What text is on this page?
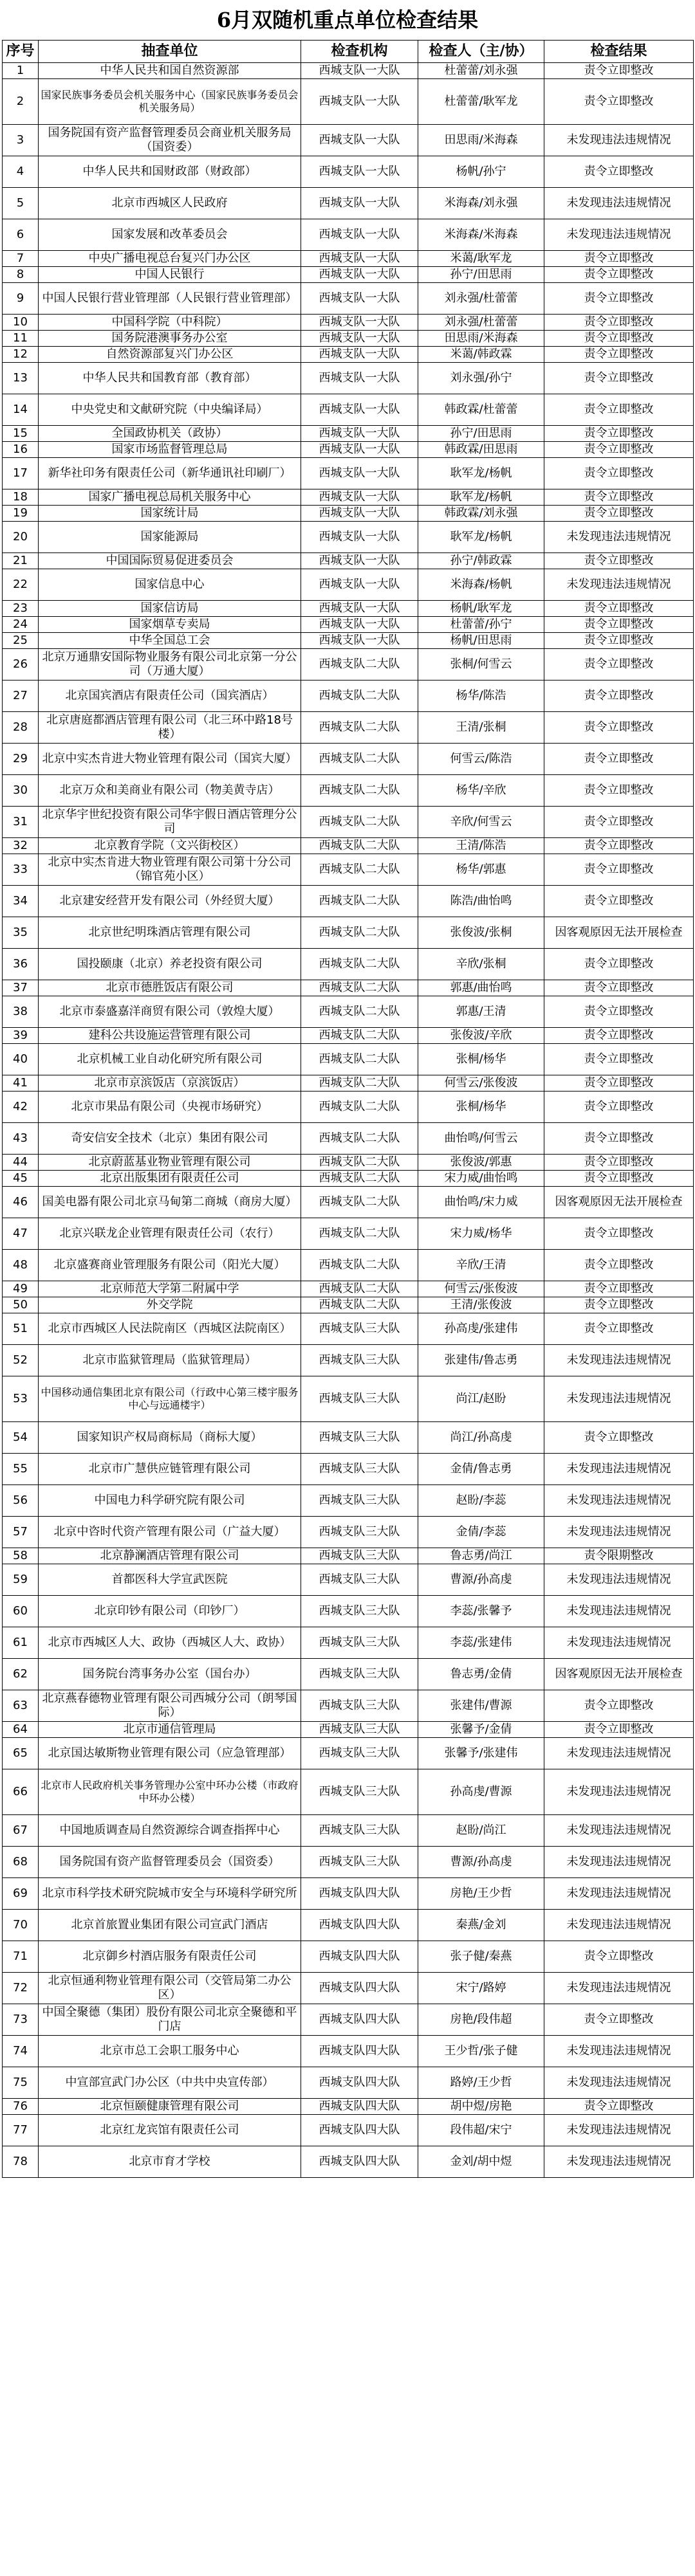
6月双随机重点单位检查结果
序号	抽查单位	检查机构	检查人（主/协）	检查结果
1	中华人民共和国自然资源部	西城支队一大队	杜蕾蕾/刘永强	责令立即整改
2	国家民族事务委员会机关服务中心（国家民族事务委员会机关服务局）	西城支队一大队	杜蕾蕾/耿军龙	责令立即整改
3	国务院国有资产监督管理委员会商业机关服务局（国资委）	西城支队一大队	田思雨/米海森	未发现违法违规情况
4	中华人民共和国财政部（财政部）	西城支队一大队	杨帆/孙宁	责令立即整改
5	北京市西城区人民政府	西城支队一大队	米海森/刘永强	未发现违法违规情况
6	国家发展和改革委员会	西城支队一大队	米海森/米海森	未发现违法违规情况
7	中央广播电视总台复兴门办公区	西城支队一大队	米蔼/耿军龙	责令立即整改
8	中国人民银行	西城支队一大队	孙宁/田思雨	责令立即整改
9	中国人民银行营业管理部（人民银行营业管理部）	西城支队一大队	刘永强/杜蕾蕾	责令立即整改
10	中国科学院（中科院）	西城支队一大队	刘永强/杜蕾蕾	责令立即整改
11	国务院港澳事务办公室	西城支队一大队	田思雨/米海森	责令立即整改
12	自然资源部复兴门办公区	西城支队一大队	米蔼/韩政霖	责令立即整改
13	中华人民共和国教育部（教育部）	西城支队一大队	刘永强/孙宁	责令立即整改
14	中央党史和文献研究院（中央编译局）	西城支队一大队	韩政霖/杜蕾蕾	责令立即整改
15	全国政协机关（政协）	西城支队一大队	孙宁/田思雨	责令立即整改
16	国家市场监督管理总局	西城支队一大队	韩政霖/田思雨	责令立即整改
17	新华社印务有限责任公司（新华通讯社印刷厂）	西城支队一大队	耿军龙/杨帆	责令立即整改
18	国家广播电视总局机关服务中心	西城支队一大队	耿军龙/杨帆	责令立即整改
19	国家统计局	西城支队一大队	韩政霖/刘永强	责令立即整改
20	国家能源局	西城支队一大队	耿军龙/杨帆	未发现违法违规情况
21	中国国际贸易促进委员会	西城支队一大队	孙宁/韩政霖	责令立即整改
22	国家信息中心	西城支队一大队	米海森/杨帆	未发现违法违规情况
23	国家信访局	西城支队一大队	杨帆/耿军龙	责令立即整改
24	国家烟草专卖局	西城支队一大队	杜蕾蕾/孙宁	责令立即整改
25	中华全国总工会	西城支队一大队	杨帆/田思雨	责令立即整改
26	北京万通鼎安国际物业服务有限公司北京第一分公司（万通大厦）	西城支队二大队	张桐/何雪云	责令立即整改
27	北京国宾酒店有限责任公司（国宾酒店）	西城支队二大队	杨华/陈浩	责令立即整改
28	北京唐庭都酒店管理有限公司（北三环中路18号楼）	西城支队二大队	王清/张桐	责令立即整改
29	北京中实杰肯进大物业管理有限公司（国宾大厦）	西城支队二大队	何雪云/陈浩	责令立即整改
30	北京万众和美商业有限公司（物美黄寺店）	西城支队二大队	杨华/辛欣	责令立即整改
31	北京华宇世纪投资有限公司华宇假日酒店管理分公司	西城支队二大队	辛欣/何雪云	责令立即整改
32	北京教育学院（文兴街校区）	西城支队二大队	王清/陈浩	责令立即整改
33	北京中实杰肯进大物业管理有限公司第十分公司（锦官苑小区）	西城支队二大队	杨华/郭惠	责令立即整改
34	北京建安经营开发有限公司（外经贸大厦）	西城支队二大队	陈浩/曲怡鸣	责令立即整改
35	北京世纪明珠酒店管理有限公司	西城支队二大队	张俊波/张桐	因客观原因无法开展检查
36	国投颐康（北京）养老投资有限公司	西城支队二大队	辛欣/张桐	责令立即整改
37	北京市德胜饭店有限公司	西城支队二大队	郭惠/曲怡鸣	责令立即整改
38	北京市泰盛嘉洋商贸有限公司（敦煌大厦）	西城支队二大队	郭惠/王清	责令立即整改
39	建科公共设施运营管理有限公司	西城支队二大队	张俊波/辛欣	责令立即整改
40	北京机械工业自动化研究所有限公司	西城支队二大队	张桐/杨华	责令立即整改
41	北京市京滨饭店（京滨饭店）	西城支队二大队	何雪云/张俊波	责令立即整改
42	北京市果品有限公司（央视市场研究）	西城支队二大队	张桐/杨华	责令立即整改
43	奇安信安全技术（北京）集团有限公司	西城支队二大队	曲怡鸣/何雪云	责令立即整改
44	北京蔚蓝基业物业管理有限公司	西城支队二大队	张俊波/郭惠	责令立即整改
45	北京出版集团有限责任公司	西城支队二大队	宋力威/曲怡鸣	责令立即整改
46	国美电器有限公司北京马甸第二商城（商房大厦）	西城支队二大队	曲怡鸣/宋力威	因客观原因无法开展检查
47	北京兴联龙企业管理有限责任公司（农行）	西城支队二大队	宋力威/杨华	责令立即整改
48	北京盛赛商业管理服务有限公司（阳光大厦）	西城支队二大队	辛欣/王清	责令立即整改
49	北京师范大学第二附属中学	西城支队二大队	何雪云/张俊波	责令立即整改
50	外交学院	西城支队二大队	王清/张俊波	责令立即整改
51	北京市西城区人民法院南区（西城区法院南区）	西城支队三大队	孙高虔/张建伟	责令立即整改
52	北京市监狱管理局（监狱管理局）	西城支队三大队	张建伟/鲁志勇	未发现违法违规情况
53	中国移动通信集团北京有限公司（行政中心第三楼宇服务中心与远通楼宇）	西城支队三大队	尚江/赵盼	未发现违法违规情况
54	国家知识产权局商标局（商标大厦）	西城支队三大队	尚江/孙高虔	责令立即整改
55	北京市广慧供应链管理有限公司	西城支队三大队	金倩/鲁志勇	未发现违法违规情况
56	中国电力科学研究院有限公司	西城支队三大队	赵盼/李蕊	未发现违法违规情况
57	北京中咨时代资产管理有限公司（广益大厦）	西城支队三大队	金倩/李蕊	未发现违法违规情况
58	北京静澜酒店管理有限公司	西城支队三大队	鲁志勇/尚江	责令限期整改
59	首都医科大学宣武医院	西城支队三大队	曹源/孙高虔	未发现违法违规情况
60	北京印钞有限公司（印钞厂）	西城支队三大队	李蕊/张馨予	未发现违法违规情况
61	北京市西城区人大、政协（西城区人大、政协）	西城支队三大队	李蕊/张建伟	未发现违法违规情况
62	国务院台湾事务办公室（国台办）	西城支队三大队	鲁志勇/金倩	因客观原因无法开展检查
63	北京燕春德物业管理有限公司西城分公司（朗琴国际）	西城支队三大队	张建伟/曹源	责令立即整改
64	北京市通信管理局	西城支队三大队	张馨予/金倩	责令立即整改
65	北京国达敏斯物业管理有限公司（应急管理部）	西城支队三大队	张馨予/张建伟	未发现违法违规情况
66	北京市人民政府机关事务管理办公室中环办公楼（市政府中环办公楼）	西城支队三大队	孙高虔/曹源	未发现违法违规情况
67	中国地质调查局自然资源综合调查指挥中心	西城支队三大队	赵盼/尚江	未发现违法违规情况
68	国务院国有资产监督管理委员会（国资委）	西城支队三大队	曹源/孙高虔	未发现违法违规情况
69	北京市科学技术研究院城市安全与环境科学研究所	西城支队四大队	房艳/王少哲	未发现违法违规情况
70	北京首旅置业集团有限公司宣武门酒店	西城支队四大队	秦燕/金刘	未发现违法违规情况
71	北京御乡村酒店服务有限责任公司	西城支队四大队	张子健/秦燕	责令立即整改
72	北京恒通利物业管理有限公司（交管局第二办公区）	西城支队四大队	宋宁/路婷	未发现违法违规情况
73	中国全聚德（集团）股份有限公司北京全聚德和平门店	西城支队四大队	房艳/段伟超	责令立即整改
74	北京市总工会职工服务中心	西城支队四大队	王少哲/张子健	未发现违法违规情况
75	中宣部宣武门办公区（中共中央宣传部）	西城支队四大队	路婷/王少哲	未发现违法违规情况
76	北京恒颐健康管理有限公司	西城支队四大队	胡中煜/房艳	责令立即整改
77	北京红龙宾馆有限责任公司	西城支队四大队	段伟超/宋宁	未发现违法违规情况
78	北京市育才学校	西城支队四大队	金刘/胡中煜	未发现违法违规情况
